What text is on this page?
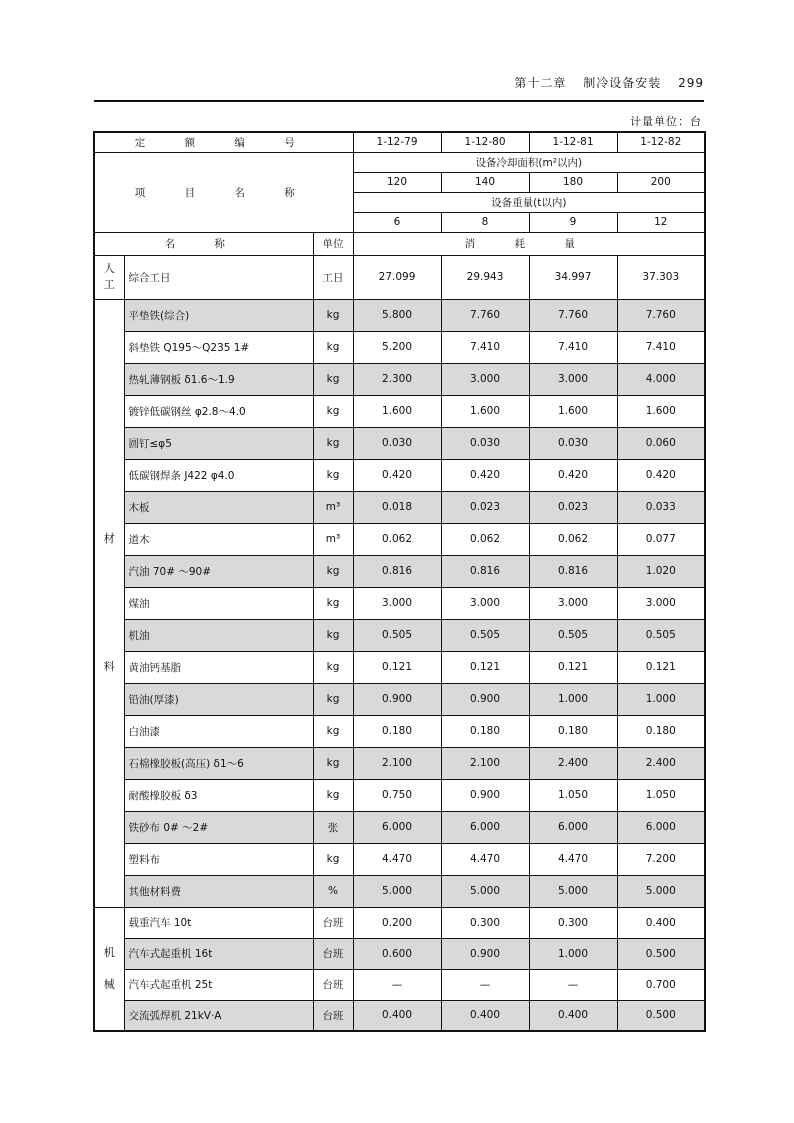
第十二章 制冷设备安装 299
计量单位：台
定 额 编 号			1-12-79	1-12-80	1-12-81	1-12-82
项 目 名 称			设备冷却面积(m²以内)			
			120	140	180	200
			设备重量(t以内)			
			6	8	9	12
名 称		单位	消 耗 量			
人
工	综合工日	工日	27.099	29.943	34.997	37.303
材

料	平垫铁(综合)	kg	5.800	7.760	7.760	7.760
	斜垫铁 Q195～Q235 1#	kg	5.200	7.410	7.410	7.410
	热轧薄钢板 δ1.6～1.9	kg	2.300	3.000	3.000	4.000
	镀锌低碳钢丝 φ2.8～4.0	kg	1.600	1.600	1.600	1.600
	圆钉≤φ5	kg	0.030	0.030	0.030	0.060
	低碳钢焊条 J422 φ4.0	kg	0.420	0.420	0.420	0.420
	木板	m³	0.018	0.023	0.023	0.033
	道木	m³	0.062	0.062	0.062	0.077
	汽油 70# ～90#	kg	0.816	0.816	0.816	1.020
	煤油	kg	3.000	3.000	3.000	3.000
	机油	kg	0.505	0.505	0.505	0.505
	黄油钙基脂	kg	0.121	0.121	0.121	0.121
	铅油(厚漆)	kg	0.900	0.900	1.000	1.000
	白油漆	kg	0.180	0.180	0.180	0.180
	石棉橡胶板(高压) δ1～6	kg	2.100	2.100	2.400	2.400
	耐酸橡胶板 δ3	kg	0.750	0.900	1.050	1.050
	铁砂布 0# ～2#	张	6.000	6.000	6.000	6.000
	塑料布	kg	4.470	4.470	4.470	7.200
	其他材料费	%	5.000	5.000	5.000	5.000
机

械	载重汽车 10t	台班	0.200	0.300	0.300	0.400
	汽车式起重机 16t	台班	0.600	0.900	1.000	0.500
	汽车式起重机 25t	台班	—	—	—	0.700
	交流弧焊机 21kV·A	台班	0.400	0.400	0.400	0.500
